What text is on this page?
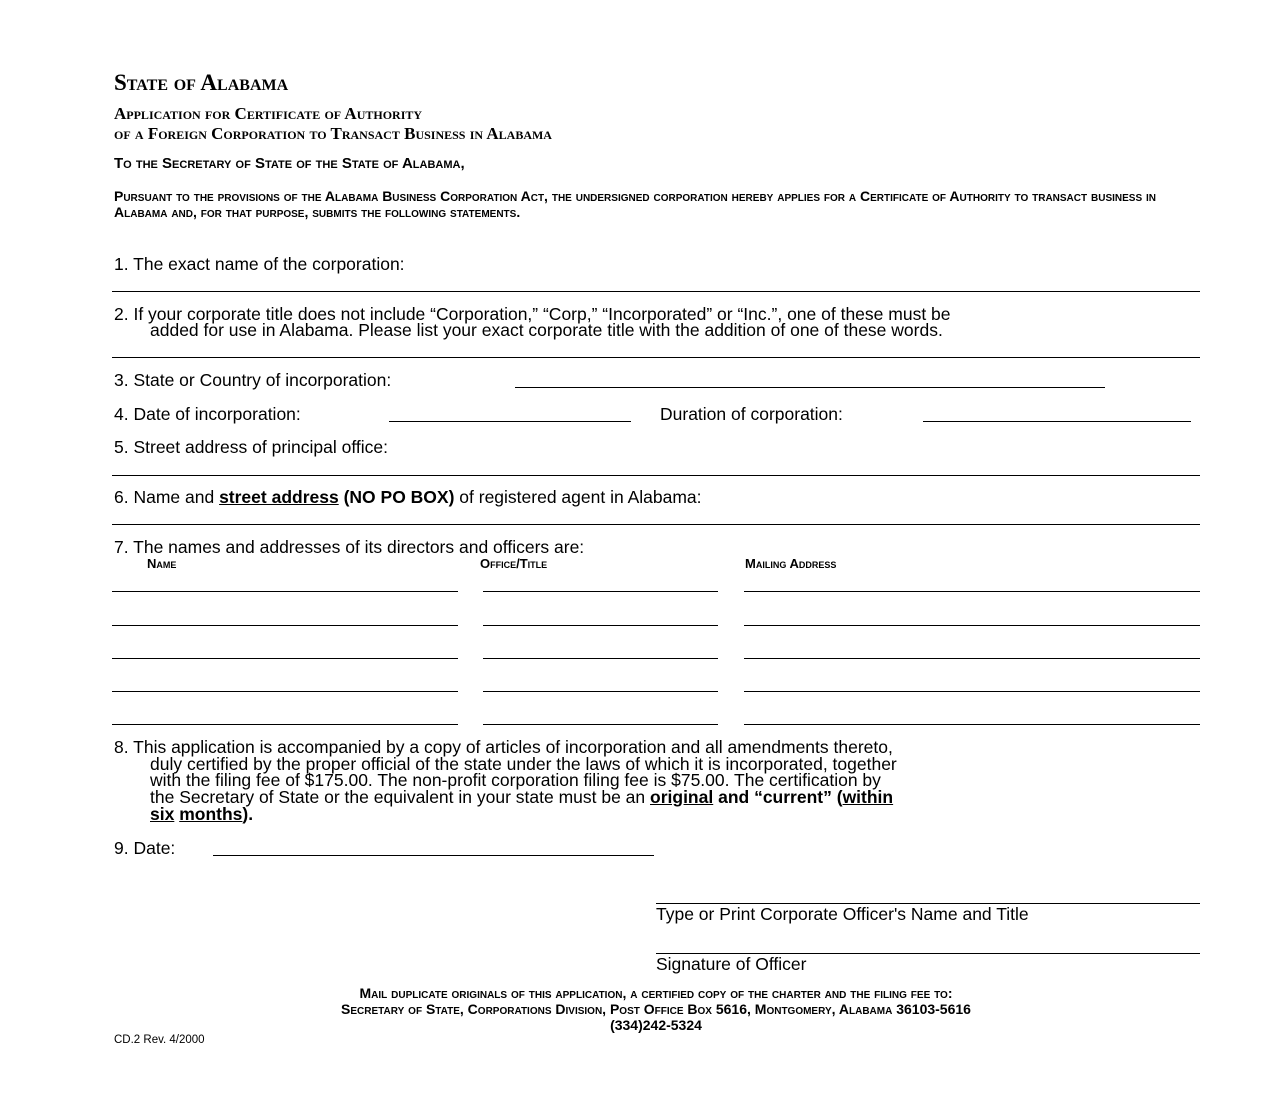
State of Alabama
Application for Certificate of Authority
of a Foreign Corporation to Transact Business in Alabama
To the Secretary of State of the State of Alabama,
Pursuant to the provisions of the Alabama Business Corporation Act, the undersigned corporation hereby applies for a Certificate of Authority to transact business in Alabama and, for that purpose, submits the following statements.
1. The exact name of the corporation:
2. If your corporate title does not include “Corporation,” “Corp,” “Incorporated” or “Inc.”, one of these must be
added for use in Alabama. Please list your exact corporate title with the addition of one of these words.
3. State or Country of incorporation:
4. Date of incorporation:	Duration of corporation:
5. Street address of principal office:
6. Name and street address (NO PO BOX) of registered agent in Alabama:
7. The names and addresses of its directors and officers are:
Name	Office/Title	Mailing Address
8. This application is accompanied by a copy of articles of incorporation and all amendments thereto,
duly certified by the proper official of the state under the laws of which it is incorporated, together
with the filing fee of $175.00. The non-profit corporation filing fee is $75.00. The certification by
the Secretary of State or the equivalent in your state must be an original and “current” (within
six months).
9. Date:
Type or Print Corporate Officer's Name and Title
Signature of Officer
Mail duplicate originals of this application, a certified copy of the charter and the filing fee to:
Secretary of State, Corporations Division, Post Office Box 5616, Montgomery, Alabama 36103-5616
(334)242-5324
CD.2 Rev. 4/2000
